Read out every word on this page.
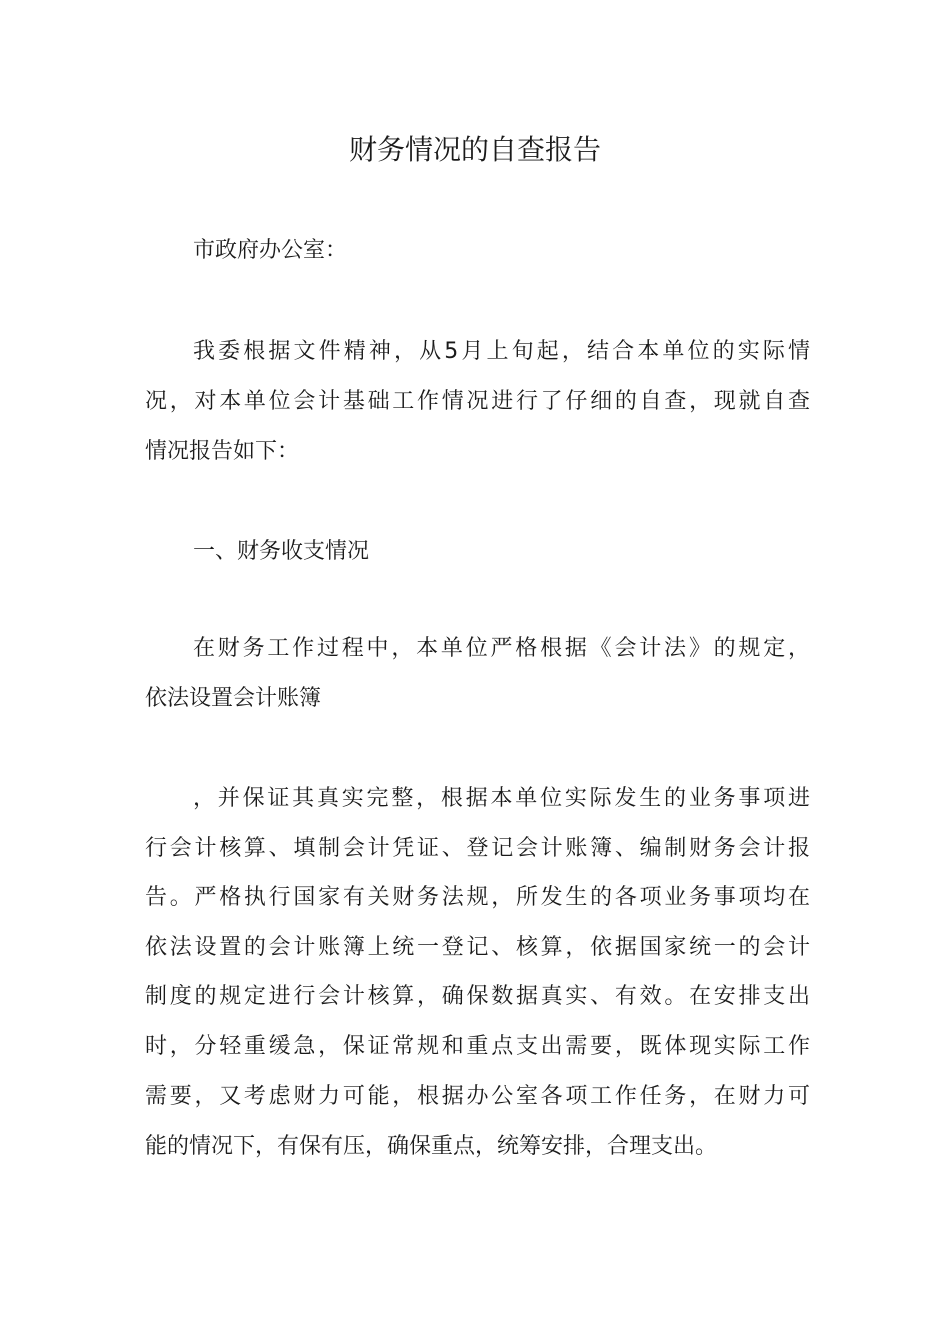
财务情况的自查报告
市政府办公室：
我委根据文件精神，从5月上旬起，结合本单位的实际情
况，对本单位会计基础工作情况进行了仔细的自查，现就自查
情况报告如下：
一、财务收支情况
在财务工作过程中，本单位严格根据《会计法》的规定，
依法设置会计账簿
，并保证其真实完整，根据本单位实际发生的业务事项进
行会计核算、填制会计凭证、登记会计账簿、编制财务会计报
告。严格执行国家有关财务法规，所发生的各项业务事项均在
依法设置的会计账簿上统一登记、核算，依据国家统一的会计
制度的规定进行会计核算，确保数据真实、有效。在安排支出
时，分轻重缓急，保证常规和重点支出需要，既体现实际工作
需要，又考虑财力可能，根据办公室各项工作任务，在财力可
能的情况下，有保有压，确保重点，统筹安排，合理支出。
